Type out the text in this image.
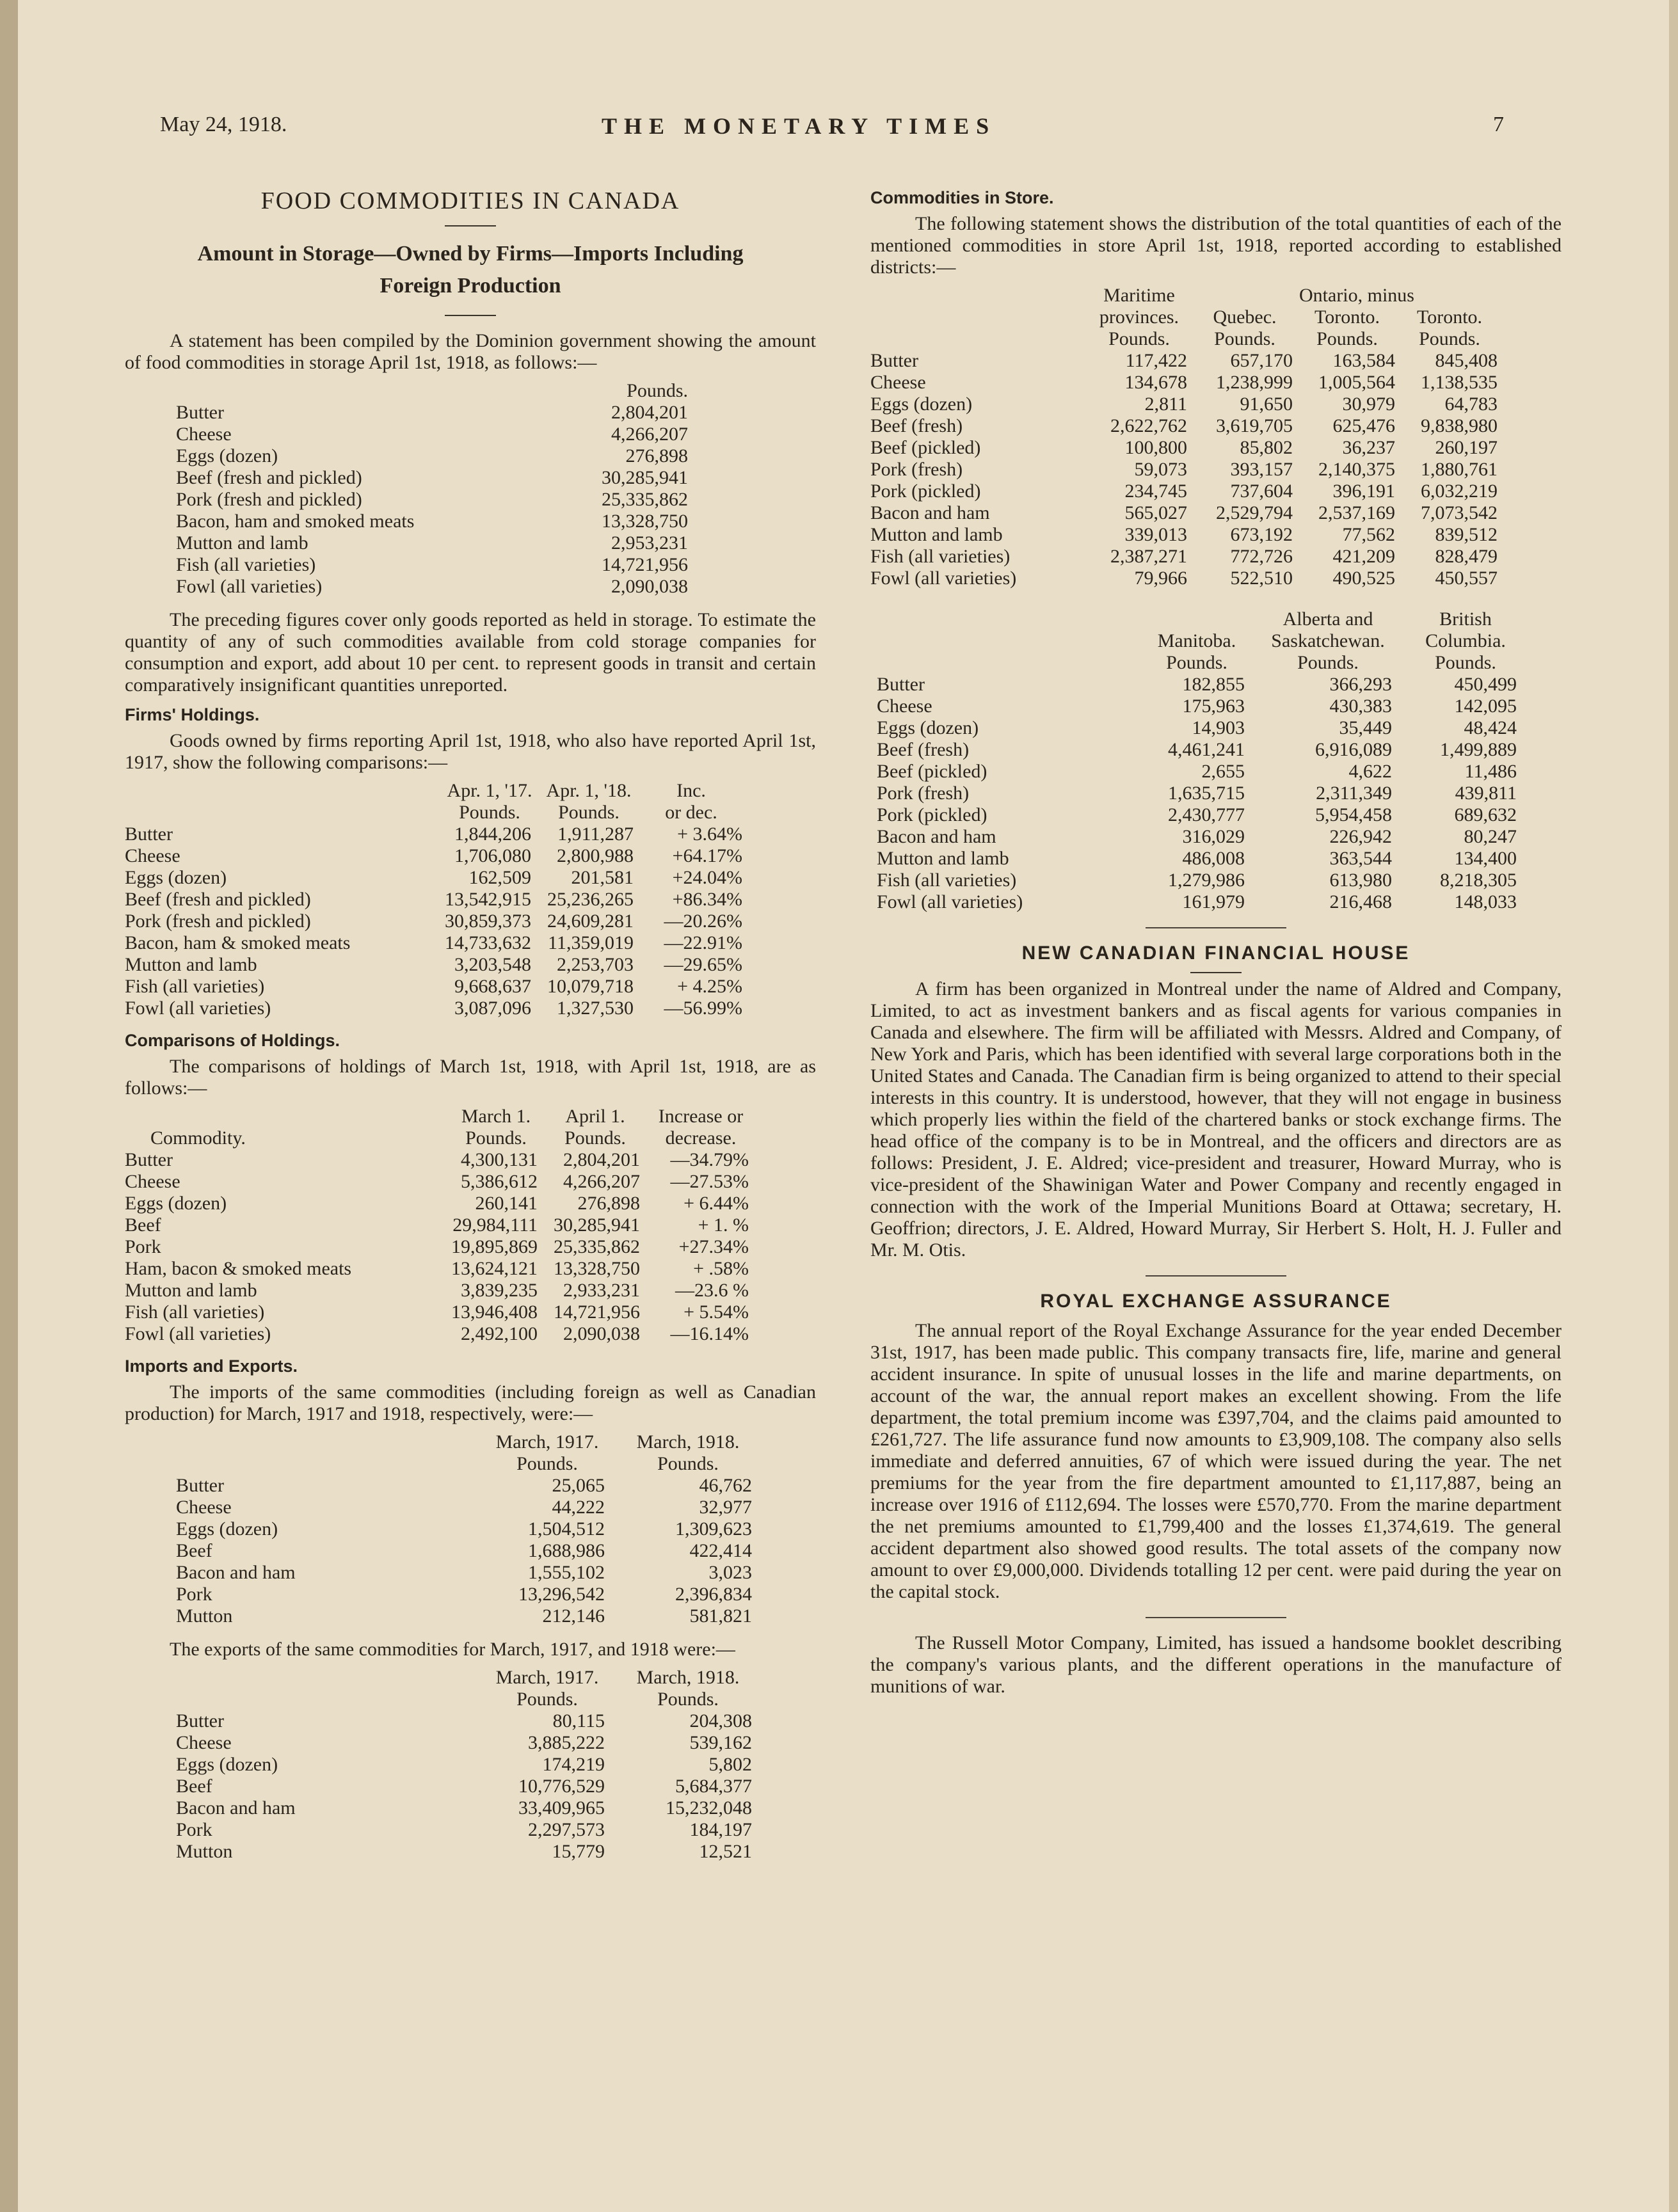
May 24, 1918.	THE MONETARY TIMES	7
FOOD COMMODITIES IN CANADA
Amount in Storage—Owned by Firms—Imports Including Foreign Production

A statement has been compiled by the Dominion government showing the amount of food commodities in storage April 1st, 1918, as follows:—

Pounds.
Butter	2,804,201
Cheese	4,266,207
Eggs (dozen)	276,898
Beef (fresh and pickled)	30,285,941
Pork (fresh and pickled)	25,335,862
Bacon, ham and smoked meats	13,328,750
Mutton and lamb	2,953,231
Fish (all varieties)	14,721,956
Fowl (all varieties)	2,090,038

The preceding figures cover only goods reported as held in storage. To estimate the quantity of any of such commodities available from cold storage companies for consumption and export, add about 10 per cent. to represent goods in transit and certain comparatively insignificant quantities unreported.

Firms' Holdings.

Goods owned by firms reporting April 1st, 1918, who also have reported April 1st, 1917, show the following comparisons:—

Apr. 1, '17. Apr. 1, '18.	Inc.
Pounds.	Pounds.	or dec.
Butter	1,844,206	1,911,287	+ 3.64%
Cheese	1,706,080	2,800,988	+64.17%
Eggs (dozen)	162,509	201,581	+24.04%
Beef (fresh and pickled)	13,542,915 25,236,265	+86.34%
Pork (fresh and pickled)	30,859,373 24,609,281	—20.26%
Bacon, ham & smoked meats	14,733,632 11,359,019	—22.91%
Mutton and lamb	3,203,548	2,253,703	—29.65%
Fish (all varieties)	9,668,637 10,079,718	+ 4.25%
Fowl (all varieties)	3,087,096	1,327,530	—56.99%
Comparisons of Holdings.

The comparisons of holdings of March 1st, 1918, with April 1st, 1918, are as follows:—

March 1.	April 1.	Increase or
Commodity.	Pounds.	Pounds.	decrease.
Butter	4,300,131	2,804,201	—34.79%
Cheese	5,386,612	4,266,207	—27.53%
Eggs (dozen)	260,141	276,898	+ 6.44%
Beef	29,984,111 30,285,941	+ 1. %
Pork	19,895,869 25,335,862	+27.34%
Ham, bacon & smoked meats	13,624,121 13,328,750	+ .58%
Mutton and lamb	3,839,235	2,933,231	—23.6 %
Fish (all varieties)	13,946,408 14,721,956	+ 5.54%
Fowl (all varieties)	2,492,100	2,090,038	—16.14%
Imports and Exports.

The imports of the same commodities (including foreign as well as Canadian production) for March, 1917 and 1918, respectively, were:—

March, 1917.	March, 1918.
Pounds.	Pounds.
Butter	25,065	46,762
Cheese	44,222	32,977
Eggs (dozen)	1,504,512	1,309,623
Beef	1,688,986	422,414
Bacon and ham	1,555,102	3,023
Pork	13,296,542	2,396,834
Mutton	212,146	581,821

The exports of the same commodities for March, 1917, and 1918 were:—

March, 1917.	March, 1918.
Pounds.	Pounds.
Butter	80,115	204,308
Cheese	3,885,222	539,162
Eggs (dozen)	174,219	5,802
Beef	10,776,529	5,684,377
Bacon and ham	33,409,965	15,232,048
Pork	2,297,573	184,197
Mutton	15,779	12,521
Commodities in Store.

The following statement shows the distribution of the total quantities of each of the mentioned commodities in store April 1st, 1918, reported according to established districts:—

Maritime	Ontario, minus
provinces.	Quebec.	Toronto.	Toronto.
Pounds.	Pounds.	Pounds.	Pounds.
Butter	117,422	657,170	163,584	845,408
Cheese	134,678	1,238,999	1,005,564	1,138,535
Eggs (dozen)	2,811	91,650	30,979	64,783
Beef (fresh)	2,622,762	3,619,705	625,476	9,838,980
Beef (pickled)	100,800	85,802	36,237	260,197
Pork (fresh)	59,073	393,157	2,140,375	1,880,761
Pork (pickled)	234,745	737,604	396,191	6,032,219
Bacon and ham	565,027	2,529,794	2,537,169	7,073,542
Mutton and lamb	339,013	673,192	77,562	839,512
Fish (all varieties)	2,387,271	772,726	421,209	828,479
Fowl (all varieties)	79,966	522,510	490,525	450,557
Alberta and	British
Manitoba.	Saskatchewan.	Columbia.
Pounds.	Pounds.	Pounds.
Butter	182,855	366,293	450,499
Cheese	175,963	430,383	142,095
Eggs (dozen)	14,903	35,449	48,424
Beef (fresh)	4,461,241	6,916,089	1,499,889
Beef (pickled)	2,655	4,622	11,486
Pork (fresh)	1,635,715	2,311,349	439,811
Pork (pickled)	2,430,777	5,954,458	689,632
Bacon and ham	316,029	226,942	80,247
Mutton and lamb	486,008	363,544	134,400
Fish (all varieties)	1,279,986	613,980	8,218,305
Fowl (all varieties)	161,979	216,468	148,033
NEW CANADIAN FINANCIAL HOUSE

A firm has been organized in Montreal under the name of Aldred and Company, Limited, to act as investment bankers and as fiscal agents for various companies in Canada and elsewhere. The firm will be affiliated with Messrs. Aldred and Company, of New York and Paris, which has been identified with several large corporations both in the United States and Canada. The Canadian firm is being organized to attend to their special interests in this country. It is understood, however, that they will not engage in business which properly lies within the field of the chartered banks or stock exchange firms. The head office of the company is to be in Montreal, and the officers and directors are as follows: President, J. E. Aldred; vice-president and treasurer, Howard Murray, who is vice-president of the Shawinigan Water and Power Company and recently engaged in connection with the work of the Imperial Munitions Board at Ottawa; secretary, H. Geoffrion; directors, J. E. Aldred, Howard Murray, Sir Herbert S. Holt, H. J. Fuller and Mr. M. Otis.

ROYAL EXCHANGE ASSURANCE

The annual report of the Royal Exchange Assurance for the year ended December 31st, 1917, has been made public. This company transacts fire, life, marine and general accident insurance. In spite of unusual losses in the life and marine departments, on account of the war, the annual report makes an excellent showing. From the life department, the total premium income was £397,704, and the claims paid amounted to £261,727. The life assurance fund now amounts to £3,909,108. The company also sells immediate and deferred annuities, 67 of which were issued during the year. The net premiums for the year from the fire department amounted to £1,117,887, being an increase over 1916 of £112,694. The losses were £570,770. From the marine department the net premiums amounted to £1,799,400 and the losses £1,374,619. The general accident department also showed good results. The total assets of the company now amount to over £9,000,000. Dividends totalling 12 per cent. were paid during the year on the capital stock.

The Russell Motor Company, Limited, has issued a handsome booklet describing the company's various plants, and the different operations in the manufacture of munitions of war.
